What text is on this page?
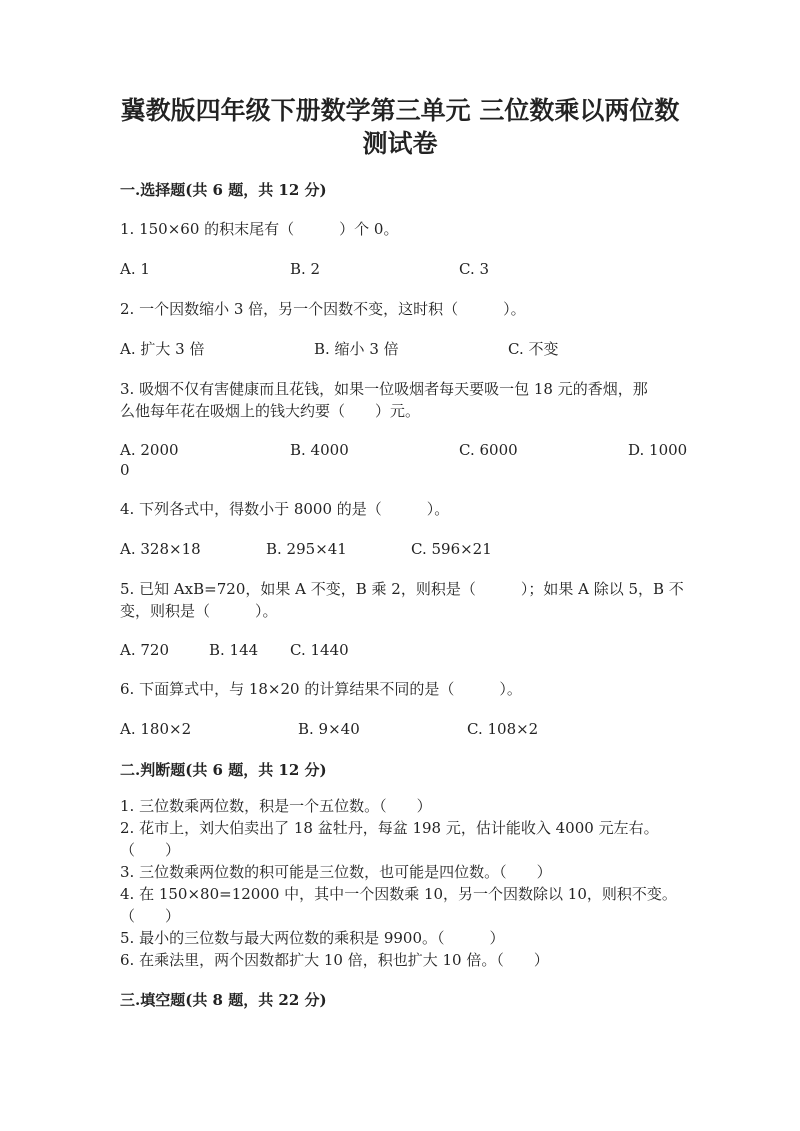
冀教版四年级下册数学第三单元 三位数乘以两位数
测试卷
一.选择题(共 6 题，共 12 分)
1. 150×60 的积末尾有（　　　）个 0。
A. 1	B. 2	C. 3
2. 一个因数缩小 3 倍，另一个因数不变，这时积（　　　）。
A. 扩大 3 倍	B. 缩小 3 倍	C. 不变
3. 吸烟不仅有害健康而且花钱，如果一位吸烟者每天要吸一包 18 元的香烟，那
么他每年花在吸烟上的钱大约要（　　）元。
A. 2000	B. 4000	C. 6000	D. 1000
0
4. 下列各式中，得数小于 8000 的是（　　　）。
A. 328×18	B. 295×41	C. 596×21
5. 已知 AxB=720，如果 A 不变，B 乘 2，则积是（　　　）；如果 A 除以 5，B 不
变，则积是（　　　）。
A. 720	B. 144 C. 1440
6. 下面算式中，与 18×20 的计算结果不同的是（　　　）。
A. 180×2	B. 9×40	C. 108×2
二.判断题(共 6 题，共 12 分)
1. 三位数乘两位数，积是一个五位数。（　　）
2. 花市上，刘大伯卖出了 18 盆牡丹，每盆 198 元，估计能收入 4000 元左右。
（　　）
3. 三位数乘两位数的积可能是三位数，也可能是四位数。（　　）
4. 在 150×80=12000 中，其中一个因数乘 10，另一个因数除以 10，则积不变。
（　　）
5. 最小的三位数与最大两位数的乘积是 9900。（　　　）
6. 在乘法里，两个因数都扩大 10 倍，积也扩大 10 倍。（　　）
三.填空题(共 8 题，共 22 分)
